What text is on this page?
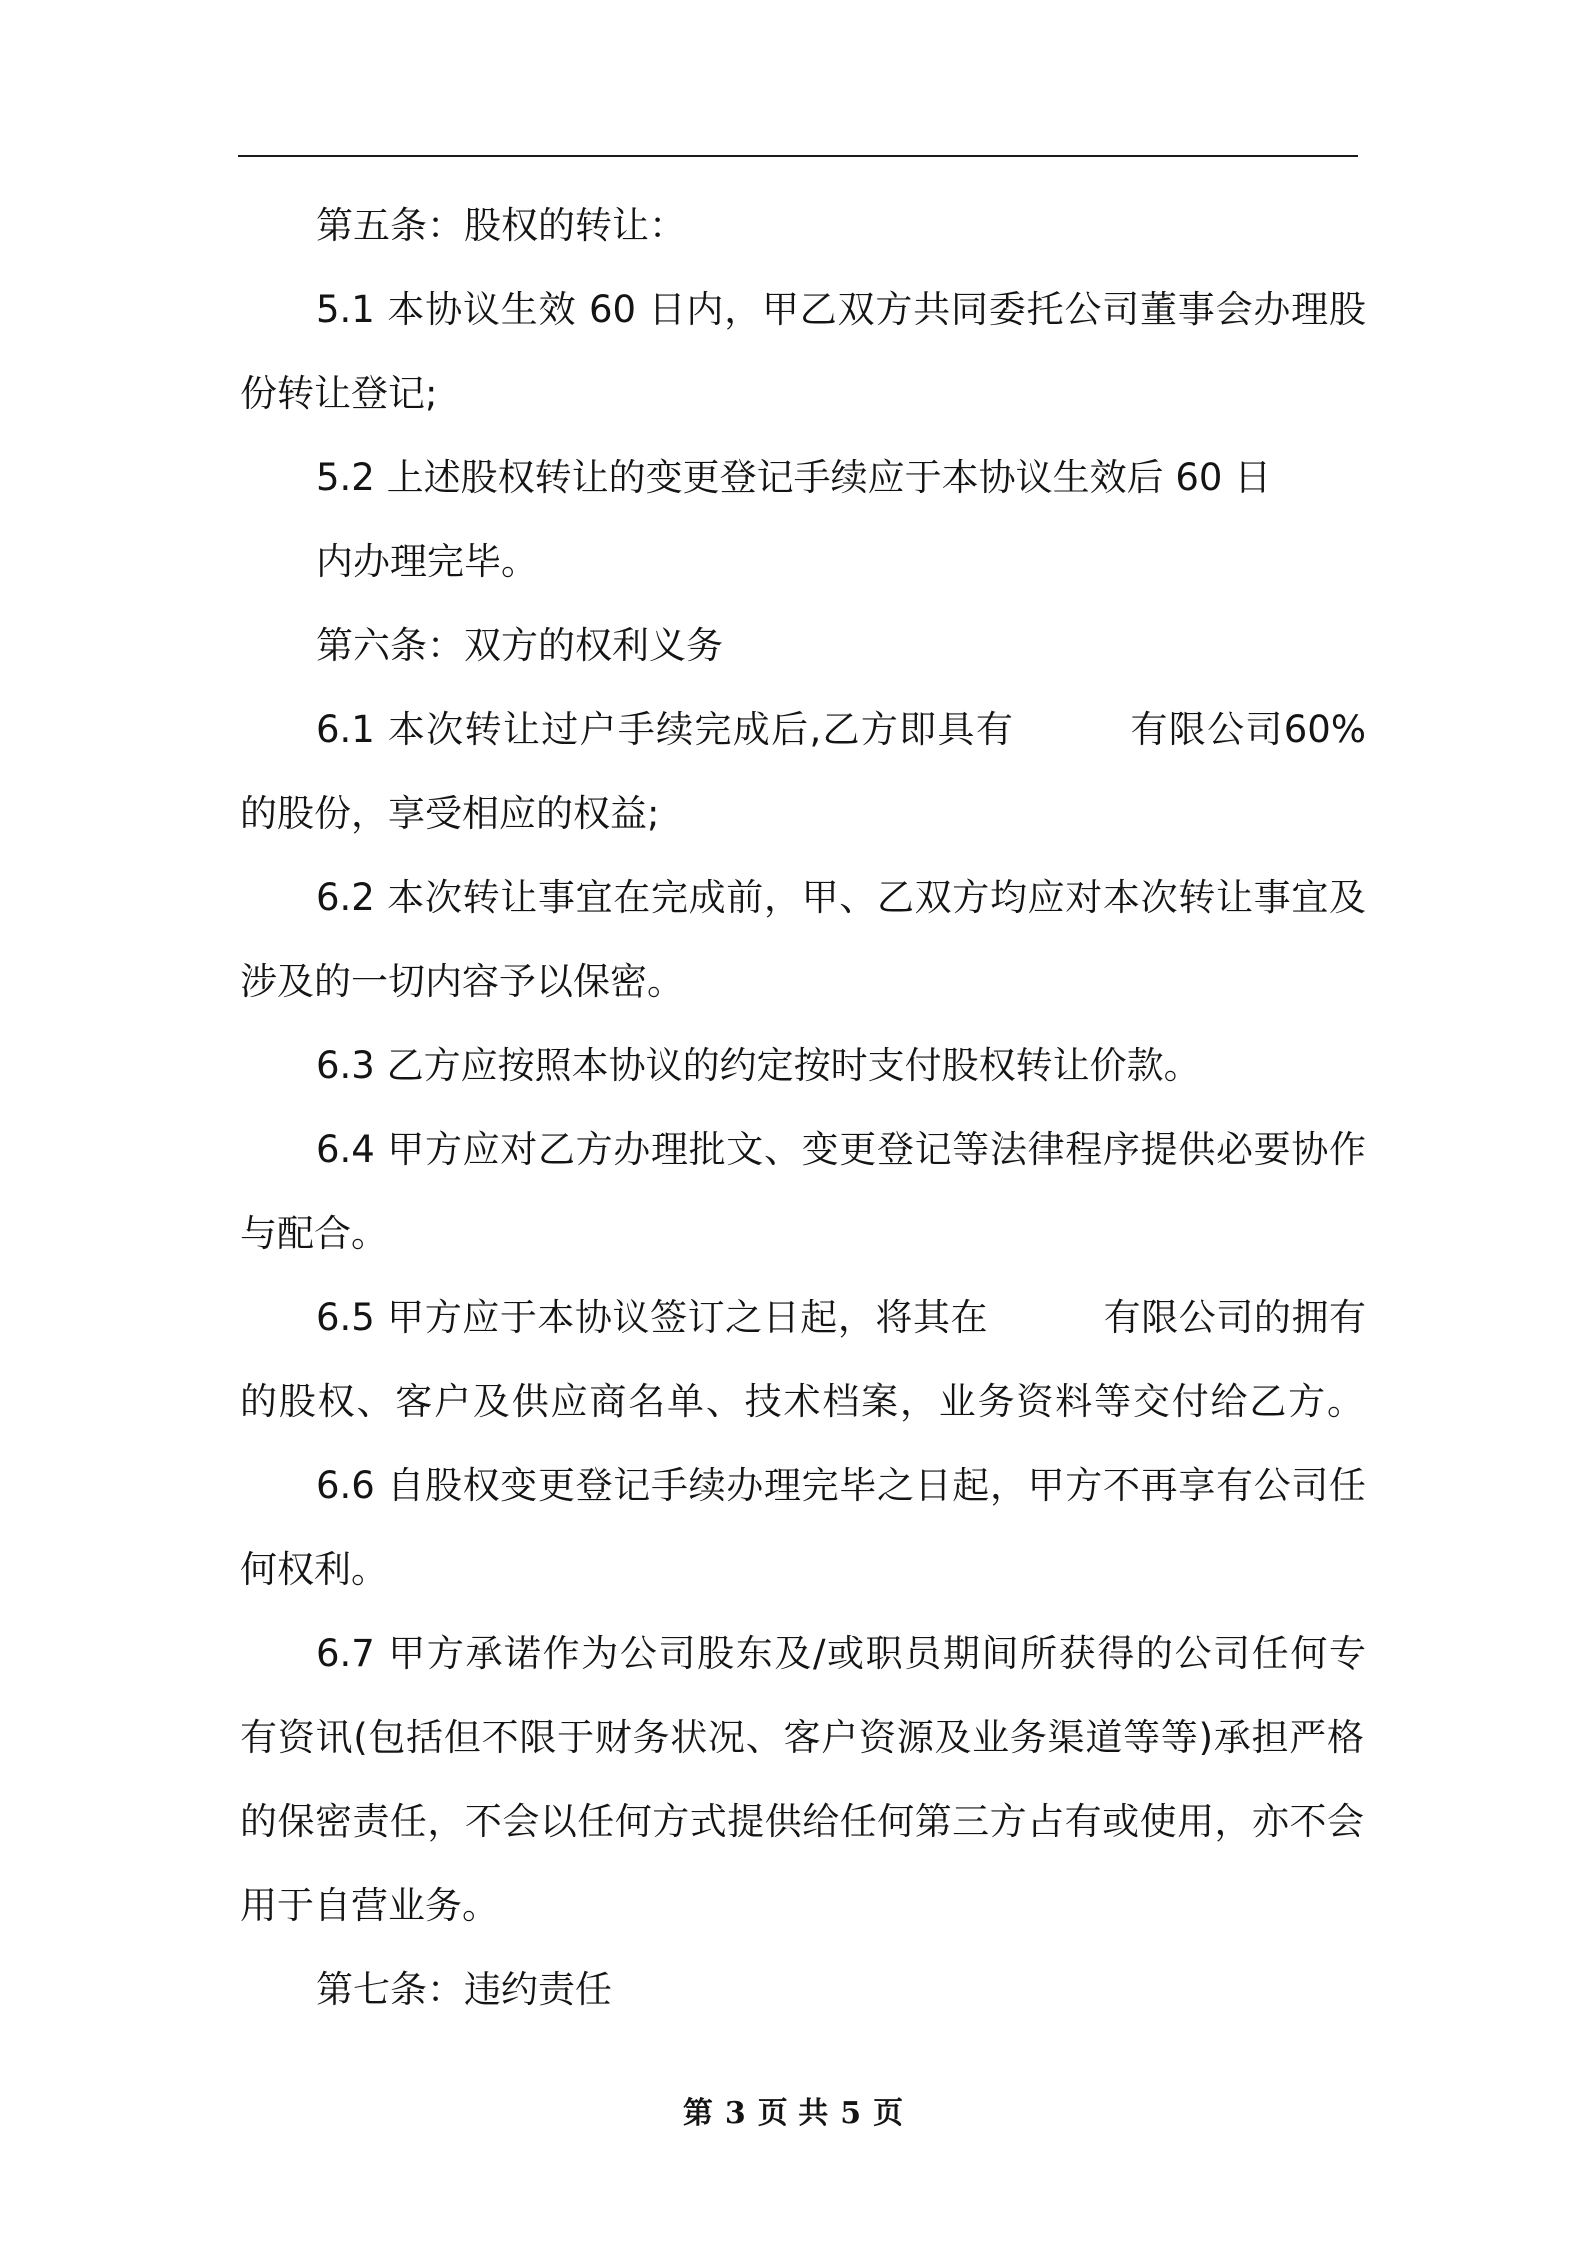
第五条：股权的转让：
5.1 本协议生效 60 日内，甲乙双方共同委托公司董事会办理股
份转让登记;
5.2 上述股权转让的变更登记手续应于本协议生效后 60 日
内办理完毕。
第六条：双方的权利义务
6.1 本次转让过户手续完成后,乙方即具有	有限公司60%
的股份，享受相应的权益;
6.2 本次转让事宜在完成前，甲、乙双方均应对本次转让事宜及
涉及的一切内容予以保密。
6.3 乙方应按照本协议的约定按时支付股权转让价款。
6.4 甲方应对乙方办理批文、变更登记等法律程序提供必要协作
与配合。
6.5 甲方应于本协议签订之日起，将其在	有限公司的拥有
的股权、客户及供应商名单、技术档案，业务资料等交付给乙方。
6.6 自股权变更登记手续办理完毕之日起，甲方不再享有公司任
何权利。
6.7 甲方承诺作为公司股东及/或职员期间所获得的公司任何专
有资讯(包括但不限于财务状况、客户资源及业务渠道等等)承担严格
的保密责任，不会以任何方式提供给任何第三方占有或使用，亦不会
用于自营业务。
第七条：违约责任
第 3 页 共 5 页
